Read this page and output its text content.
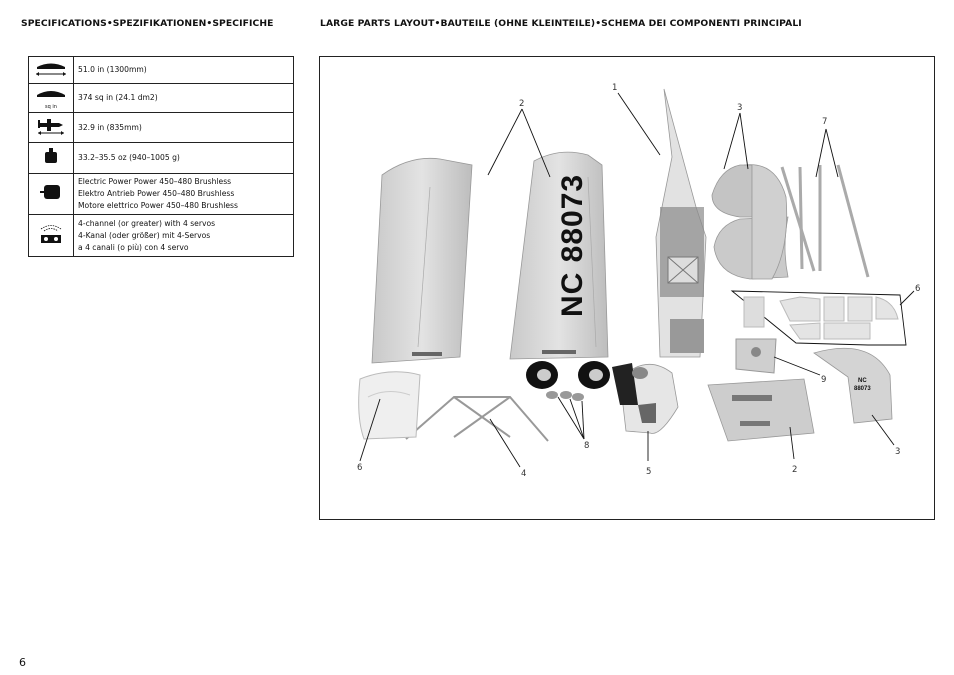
SPECIFICATIONS•SPEZIFIKATIONEN•SPECIFICHE	LARGE PARTS LAYOUT•BAUTEILE (OHNE KLEINTEILE)•SCHEMA DEI COMPONENTI PRINCIPALI

51.0 in (1300mm)

sq in	374 sq in (24.1 dm2)

32.9 in (835mm)

33.2–35.5 oz (940–1005 g)

Electric Power Power 450–480 Brushless
Elektro Antrieb Power 450–480 Brushless
Motore elettrico Power 450–480 Brushless

4-channel (or greater) with 4 servos
4-Kanal (oder größer) mit 4-Servos
a 4 canali (o più) con 4 servo	NC 88073
NC
88073
1
2	3
7
6
9
3
8
6
4	5	2
6
